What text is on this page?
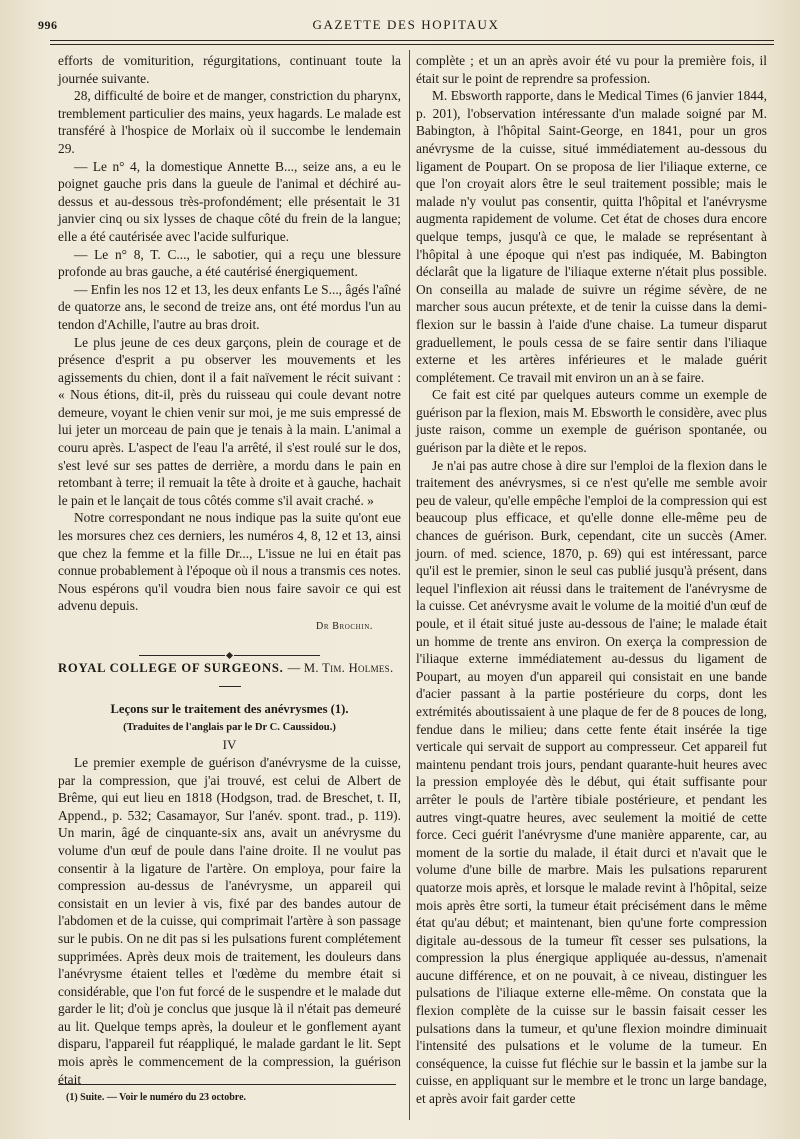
996	GAZETTE DES HOPITAUX

efforts de vomiturition, régurgitations, continuant toute la journée suivante.

28, difficulté de boire et de manger, constriction du pharynx, tremblement particulier des mains, yeux hagards. Le malade est transféré à l'hospice de Morlaix où il succombe le lendemain 29.

— Le n° 4, la domestique Annette B..., seize ans, a eu le poignet gauche pris dans la gueule de l'animal et déchiré au-dessus et au-dessous très-profondément; elle présentait le 31 janvier cinq ou six lysses de chaque côté du frein de la langue; elle a été cautérisée avec l'acide sulfurique.

— Le n° 8, T. C..., le sabotier, qui a reçu une blessure profonde au bras gauche, a été cautérisé énergiquement.

— Enfin les nos 12 et 13, les deux enfants Le S..., âgés l'aîné de quatorze ans, le second de treize ans, ont été mordus l'un au tendon d'Achille, l'autre au bras droit.

Le plus jeune de ces deux garçons, plein de courage et de présence d'esprit a pu observer les mouvements et les agissements du chien, dont il a fait naïvement le récit suivant : « Nous étions, dit-il, près du ruisseau qui coule devant notre demeure, voyant le chien venir sur moi, je me suis empressé de lui jeter un morceau de pain que je tenais à la main. L'animal a couru après. L'aspect de l'eau l'a arrêté, il s'est roulé sur le dos, s'est levé sur ses pattes de derrière, a mordu dans le pain en retombant à terre; il remuait la tête à droite et à gauche, hachait le pain et le lançait de tous côtés comme s'il avait craché. »

Notre correspondant ne nous indique pas la suite qu'ont eue les morsures chez ces derniers, les numéros 4, 8, 12 et 13, ainsi que chez la femme et la fille Dr..., L'issue ne lui en était pas connue probablement à l'époque où il nous a transmis ces notes. Nous espérons qu'il voudra bien nous faire savoir ce qui est advenu depuis.

Dr Brochin.
ROYAL COLLEGE OF SURGEONS. — M. Tim. Holmes.

Leçons sur le traitement des anévrysmes (1).

(Traduites de l'anglais par le Dr C. Caussidou.)

IV

Le premier exemple de guérison d'anévrysme de la cuisse, par la compression, que j'ai trouvé, est celui de Albert de Brême, qui eut lieu en 1818 (Hodgson, trad. de Breschet, t. II, Append., p. 532; Casamayor, Sur l'anév. spont. trad., p. 119). Un marin, âgé de cinquante-six ans, avait un anévrysme du volume d'un œuf de poule dans l'aine droite. Il ne voulut pas consentir à la ligature de l'artère. On employa, pour faire la compression au-dessus de l'anévrysme, un appareil qui consistait en un levier à vis, fixé par des bandes autour de l'abdomen et de la cuisse, qui comprimait l'artère à son passage sur le pubis. On ne dit pas si les pulsations furent complétement supprimées. Après deux mois de traitement, les douleurs dans l'anévrysme étaient telles et l'œdème du membre était si considérable, que l'on fut forcé de le suspendre et le malade dut garder le lit; d'où je conclus que jusque là il n'était pas demeuré au lit. Quelque temps après, la douleur et le gonflement ayant disparu, l'appareil fut réappliqué, le malade gardant le lit. Sept mois après le commencement de la compression, la guérison était

complète ; et un an après avoir été vu pour la première fois, il était sur le point de reprendre sa profession.

M. Ebsworth rapporte, dans le Medical Times (6 janvier 1844, p. 201), l'observation intéressante d'un malade soigné par M. Babington, à l'hôpital Saint-George, en 1841, pour un gros anévrysme de la cuisse, situé immédiatement au-dessous du ligament de Poupart. On se proposa de lier l'iliaque externe, ce que l'on croyait alors être le seul traitement possible; mais le malade n'y voulut pas consentir, quitta l'hôpital et l'anévrysme augmenta rapidement de volume. Cet état de choses dura encore quelque temps, jusqu'à ce que, le malade se représentant à l'hôpital à une époque qui n'est pas indiquée, M. Babington déclarât que la ligature de l'iliaque externe n'était plus possible. On conseilla au malade de suivre un régime sévère, de ne marcher sous aucun prétexte, et de tenir la cuisse dans la demi-flexion sur le bassin à l'aide d'une chaise. La tumeur disparut graduellement, le pouls cessa de se faire sentir dans l'iliaque externe et les artères inférieures et le malade guérit complétement. Ce travail mit environ un an à se faire.

Ce fait est cité par quelques auteurs comme un exemple de guérison par la flexion, mais M. Ebsworth le considère, avec plus juste raison, comme un exemple de guérison spontanée, ou guérison par la diète et le repos.

Je n'ai pas autre chose à dire sur l'emploi de la flexion dans le traitement des anévrysmes, si ce n'est qu'elle me semble avoir peu de valeur, qu'elle empêche l'emploi de la compression qui est beaucoup plus efficace, et qu'elle donne elle-même peu de chances de guérison. Burk, cependant, cite un succès (Amer. journ. of med. science, 1870, p. 69) qui est intéressant, parce qu'il est le premier, sinon le seul cas publié jusqu'à présent, dans lequel l'inflexion ait réussi dans le traitement de l'anévrysme de la cuisse. Cet anévrysme avait le volume de la moitié d'un œuf de poule, et il était situé juste au-dessous de l'aine; le malade était un homme de trente ans environ. On exerça la compression de l'iliaque externe immédiatement au-dessus du ligament de Poupart, au moyen d'un appareil qui consistait en une bande d'acier passant à la partie postérieure du corps, dont les extrémités aboutissaient à une plaque de fer de 8 pouces de long, fendue dans le milieu; dans cette fente était insérée la tige verticale qui servait de support au compresseur. Cet appareil fut maintenu pendant trois jours, pendant quarante-huit heures avec la pression employée dès le début, qui était suffisante pour arrêter le pouls de l'artère tibiale postérieure, et pendant les autres vingt-quatre heures, avec seulement la moitié de cette force. Ceci guérit l'anévrysme d'une manière apparente, car, au moment de la sortie du malade, il était durci et n'avait que le volume d'une bille de marbre. Mais les pulsations reparurent quatorze mois après, et lorsque le malade revint à l'hôpital, seize mois après être sorti, la tumeur était précisément dans le même état qu'au début; et maintenant, bien qu'une forte compression digitale au-dessous de la tumeur fît cesser ses pulsations, la compression la plus énergique appliquée au-dessus, n'amenait aucune différence, et on ne pouvait, à ce niveau, distinguer les pulsations de l'iliaque externe elle-même. On constata que la flexion complète de la cuisse sur le bassin faisait cesser les pulsations dans la tumeur, et qu'une flexion moindre diminuait l'intensité des pulsations et le volume de la tumeur. En conséquence, la cuisse fut fléchie sur le bassin et la jambe sur la cuisse, en appliquant sur le membre et le tronc un large bandage, et après avoir fait garder cette

(1) Suite. — Voir le numéro du 23 octobre.
